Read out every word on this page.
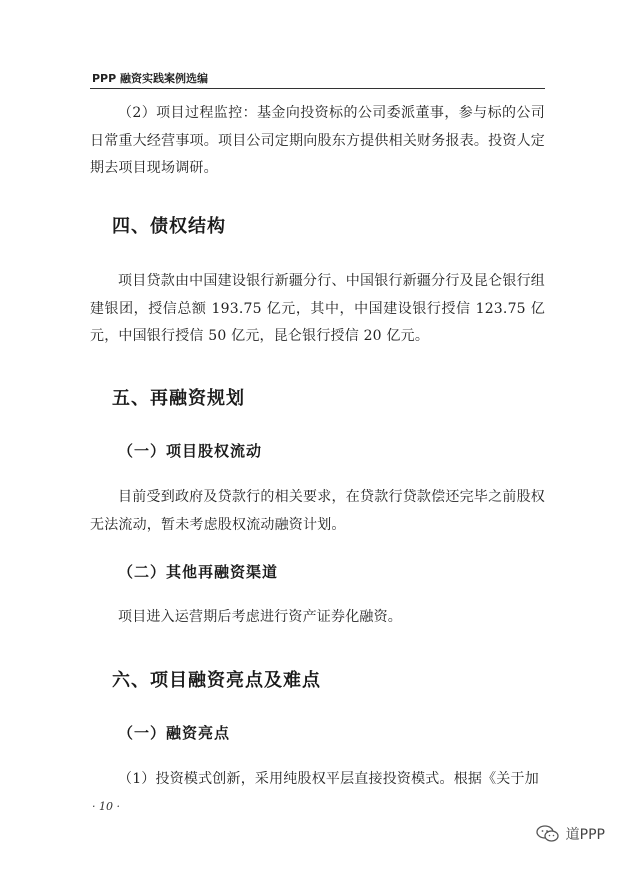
PPP 融资实践案例选编

（2）项目过程监控：基金向投资标的公司委派董事，参与标的公司日常重大经营事项。项目公司定期向股东方提供相关财务报表。投资人定期去项目现场调研。

四、债权结构

项目贷款由中国建设银行新疆分行、中国银行新疆分行及昆仑银行组建银团，授信总额 193.75 亿元，其中，中国建设银行授信 123.75 亿元，中国银行授信 50 亿元，昆仑银行授信 20 亿元。

五、再融资规划
（一）项目股权流动

目前受到政府及贷款行的相关要求，在贷款行贷款偿还完毕之前股权无法流动，暂未考虑股权流动融资计划。

（二）其他再融资渠道

项目进入运营期后考虑进行资产证券化融资。

六、项目融资亮点及难点
（一）融资亮点

（1）投资模式创新，采用纯股权平层直接投资模式。根据《关于加

· 10 ·
道PPP
